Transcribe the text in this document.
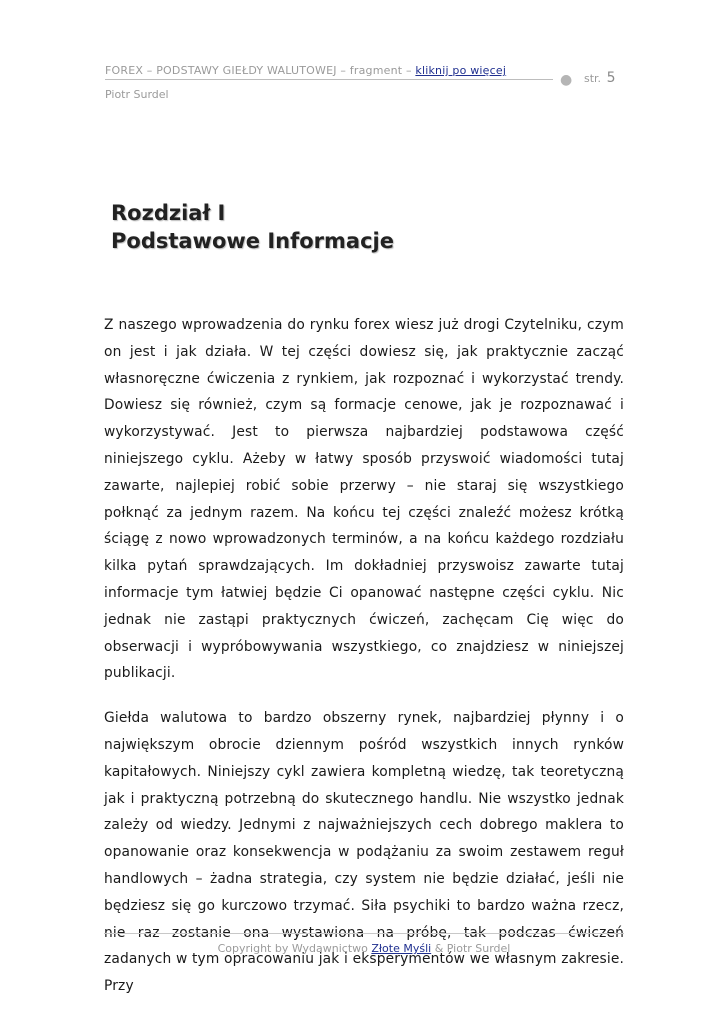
FOREX – PODSTAWY GIEŁDY WALUTOWEJ – fragment – kliknij po więcej
Piotr Surdel
● str. 5
Rozdział I
Podstawowe Informacje

Z naszego wprowadzenia do rynku forex wiesz już drogi Czytelniku, czym on jest i jak działa. W tej części dowiesz się, jak praktycznie zacząć własnoręczne ćwiczenia z rynkiem, jak rozpoznać i wykorzystać trendy. Dowiesz się również, czym są formacje cenowe, jak je rozpoznawać i wykorzystywać. Jest to pierwsza najbardziej podstawowa część niniejszego cyklu. Ażeby w łatwy sposób przyswoić wiadomości tutaj zawarte, najlepiej robić sobie przerwy – nie staraj się wszystkiego połknąć za jednym razem. Na końcu tej części znaleźć możesz krótką ściągę z nowo wprowadzonych terminów, a na końcu każdego rozdziału kilka pytań sprawdzających. Im dokładniej przyswoisz zawarte tutaj informacje tym łatwiej będzie Ci opanować następne części cyklu. Nic jednak nie zastąpi praktycznych ćwiczeń, zachęcam Cię więc do obserwacji i wypróbowywania wszystkiego, co znajdziesz w niniejszej publikacji.

Giełda walutowa to bardzo obszerny rynek, najbardziej płynny i o największym obrocie dziennym pośród wszystkich innych rynków kapitałowych. Niniejszy cykl zawiera kompletną wiedzę, tak teoretyczną jak i praktyczną potrzebną do skutecznego handlu. Nie wszystko jednak zależy od wiedzy. Jednymi z najważniejszych cech dobrego maklera to opanowanie oraz konsekwencja w podążaniu za swoim zestawem reguł handlowych – żadna strategia, czy system nie będzie działać, jeśli nie będziesz się go kurczowo trzymać. Siła psychiki to bardzo ważna rzecz, nie raz zostanie ona wystawiona na próbę, tak podczas ćwiczeń zadanych w tym opracowaniu jak i eksperymentów we własnym zakresie. Przy

Copyright by Wydawnictwo Złote Myśli & Piotr Surdel
